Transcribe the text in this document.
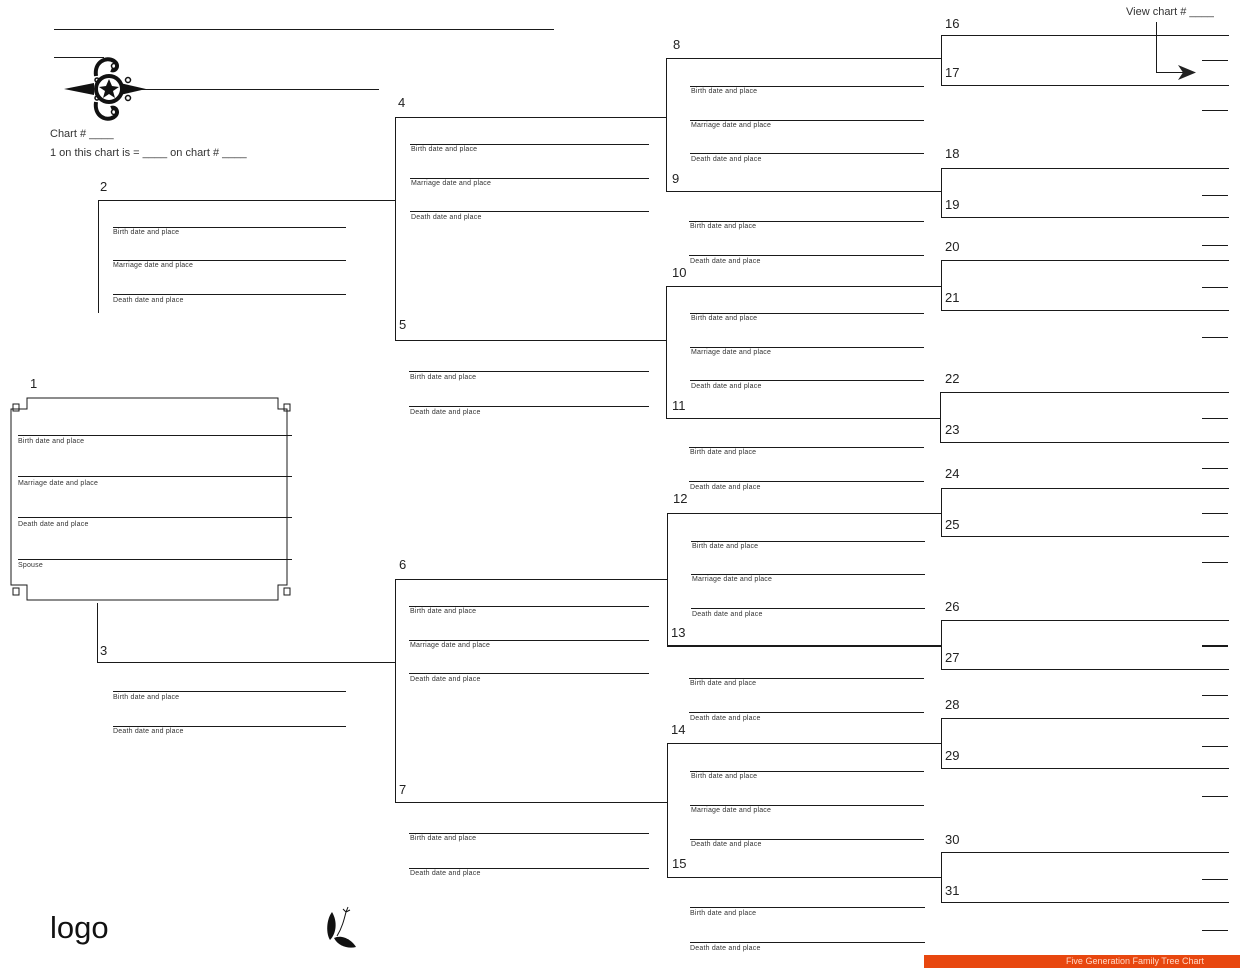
Chart # ____
1 on this chart is = ____ on chart # ____
View chart # ____
1
Birth date and place
Marriage date and place
Death date and place
Spouse
2
Birth date and place
Marriage date and place
Death date and place
3
Birth date and place
Death date and place
4
Birth date and place
Marriage date and place
Death date and place
5
Birth date and place
Death date and place
6
Birth date and place
Marriage date and place
Death date and place
7
Birth date and place
Death date and place
8
Birth date and place
Marriage date and place
Death date and place
9
Birth date and place
Death date and place
10
Birth date and place
Marriage date and place
Death date and place
11
Birth date and place
Death date and place
12
Birth date and place
Marriage date and place
Death date and place
13
Birth date and place
Death date and place
14
Birth date and place
Marriage date and place
Death date and place
15
Birth date and place
Death date and place
16
17
18
19
20
21
22
23
24
25
26
27
28
29
30
31
logo
Five Generation Family Tree Chart
